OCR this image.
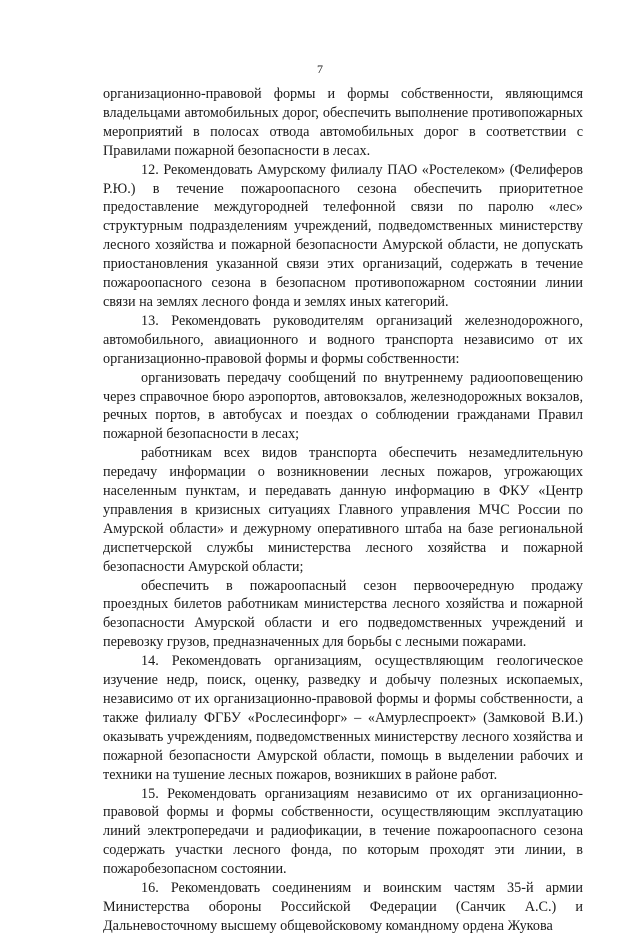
7

организационно-правовой формы и формы собственности, являющимся владельцами автомобильных дорог, обеспечить выполнение противопожарных мероприятий в полосах отвода автомобильных дорог в соответствии с Правилами пожарной безопасности в лесах.

12. Рекомендовать Амурскому филиалу ПАО «Ростелеком» (Фелиферов Р.Ю.) в течение пожароопасного сезона обеспечить приоритетное предоставление междугородней телефонной связи по паролю «лес» структурным подразделениям учреждений, подведомственных министерству лесного хозяйства и пожарной безопасности Амурской области, не допускать приостановления указанной связи этих организаций, содержать в течение пожароопасного сезона в безопасном противопожарном состоянии линии связи на землях лесного фонда и землях иных категорий.

13. Рекомендовать руководителям организаций железнодорожного, автомобильного, авиационного и водного транспорта независимо от их организационно-правовой формы и формы собственности:

организовать передачу сообщений по внутреннему радиооповещению через справочное бюро аэропортов, автовокзалов, железнодорожных вокзалов, речных портов, в автобусах и поездах о соблюдении гражданами Правил пожарной безопасности в лесах;

работникам всех видов транспорта обеспечить незамедлительную передачу информации о возникновении лесных пожаров, угрожающих населенным пунктам, и передавать данную информацию в ФКУ «Центр управления в кризисных ситуациях Главного управления МЧС России по Амурской области» и дежурному оперативного штаба на базе региональной диспетчерской службы министерства лесного хозяйства и пожарной безопасности Амурской области;

обеспечить в пожароопасный сезон первоочередную продажу проездных билетов работникам министерства лесного хозяйства и пожарной безопасности Амурской области и его подведомственных учреждений и перевозку грузов, предназначенных для борьбы с лесными пожарами.

14. Рекомендовать организациям, осуществляющим геологическое изучение недр, поиск, оценку, разведку и добычу полезных ископаемых, независимо от их организационно-правовой формы и формы собственности, а также филиалу ФГБУ «Рослесинфорг» – «Амурлеспроект» (Замковой В.И.) оказывать учреждениям, подведомственных министерству лесного хозяйства и пожарной безопасности Амурской области, помощь в выделении рабочих и техники на тушение лесных пожаров, возникших в районе работ.

15. Рекомендовать организациям независимо от их организационно-правовой формы и формы собственности, осуществляющим эксплуатацию линий электропередачи и радиофикации, в течение пожароопасного сезона содержать участки лесного фонда, по которым проходят эти линии, в пожаробезопасном состоянии.

16. Рекомендовать соединениям и воинским частям 35-й армии Министерства обороны Российской Федерации (Санчик А.С.) и Дальневосточному высшему общевойсковому командному ордена Жукова
